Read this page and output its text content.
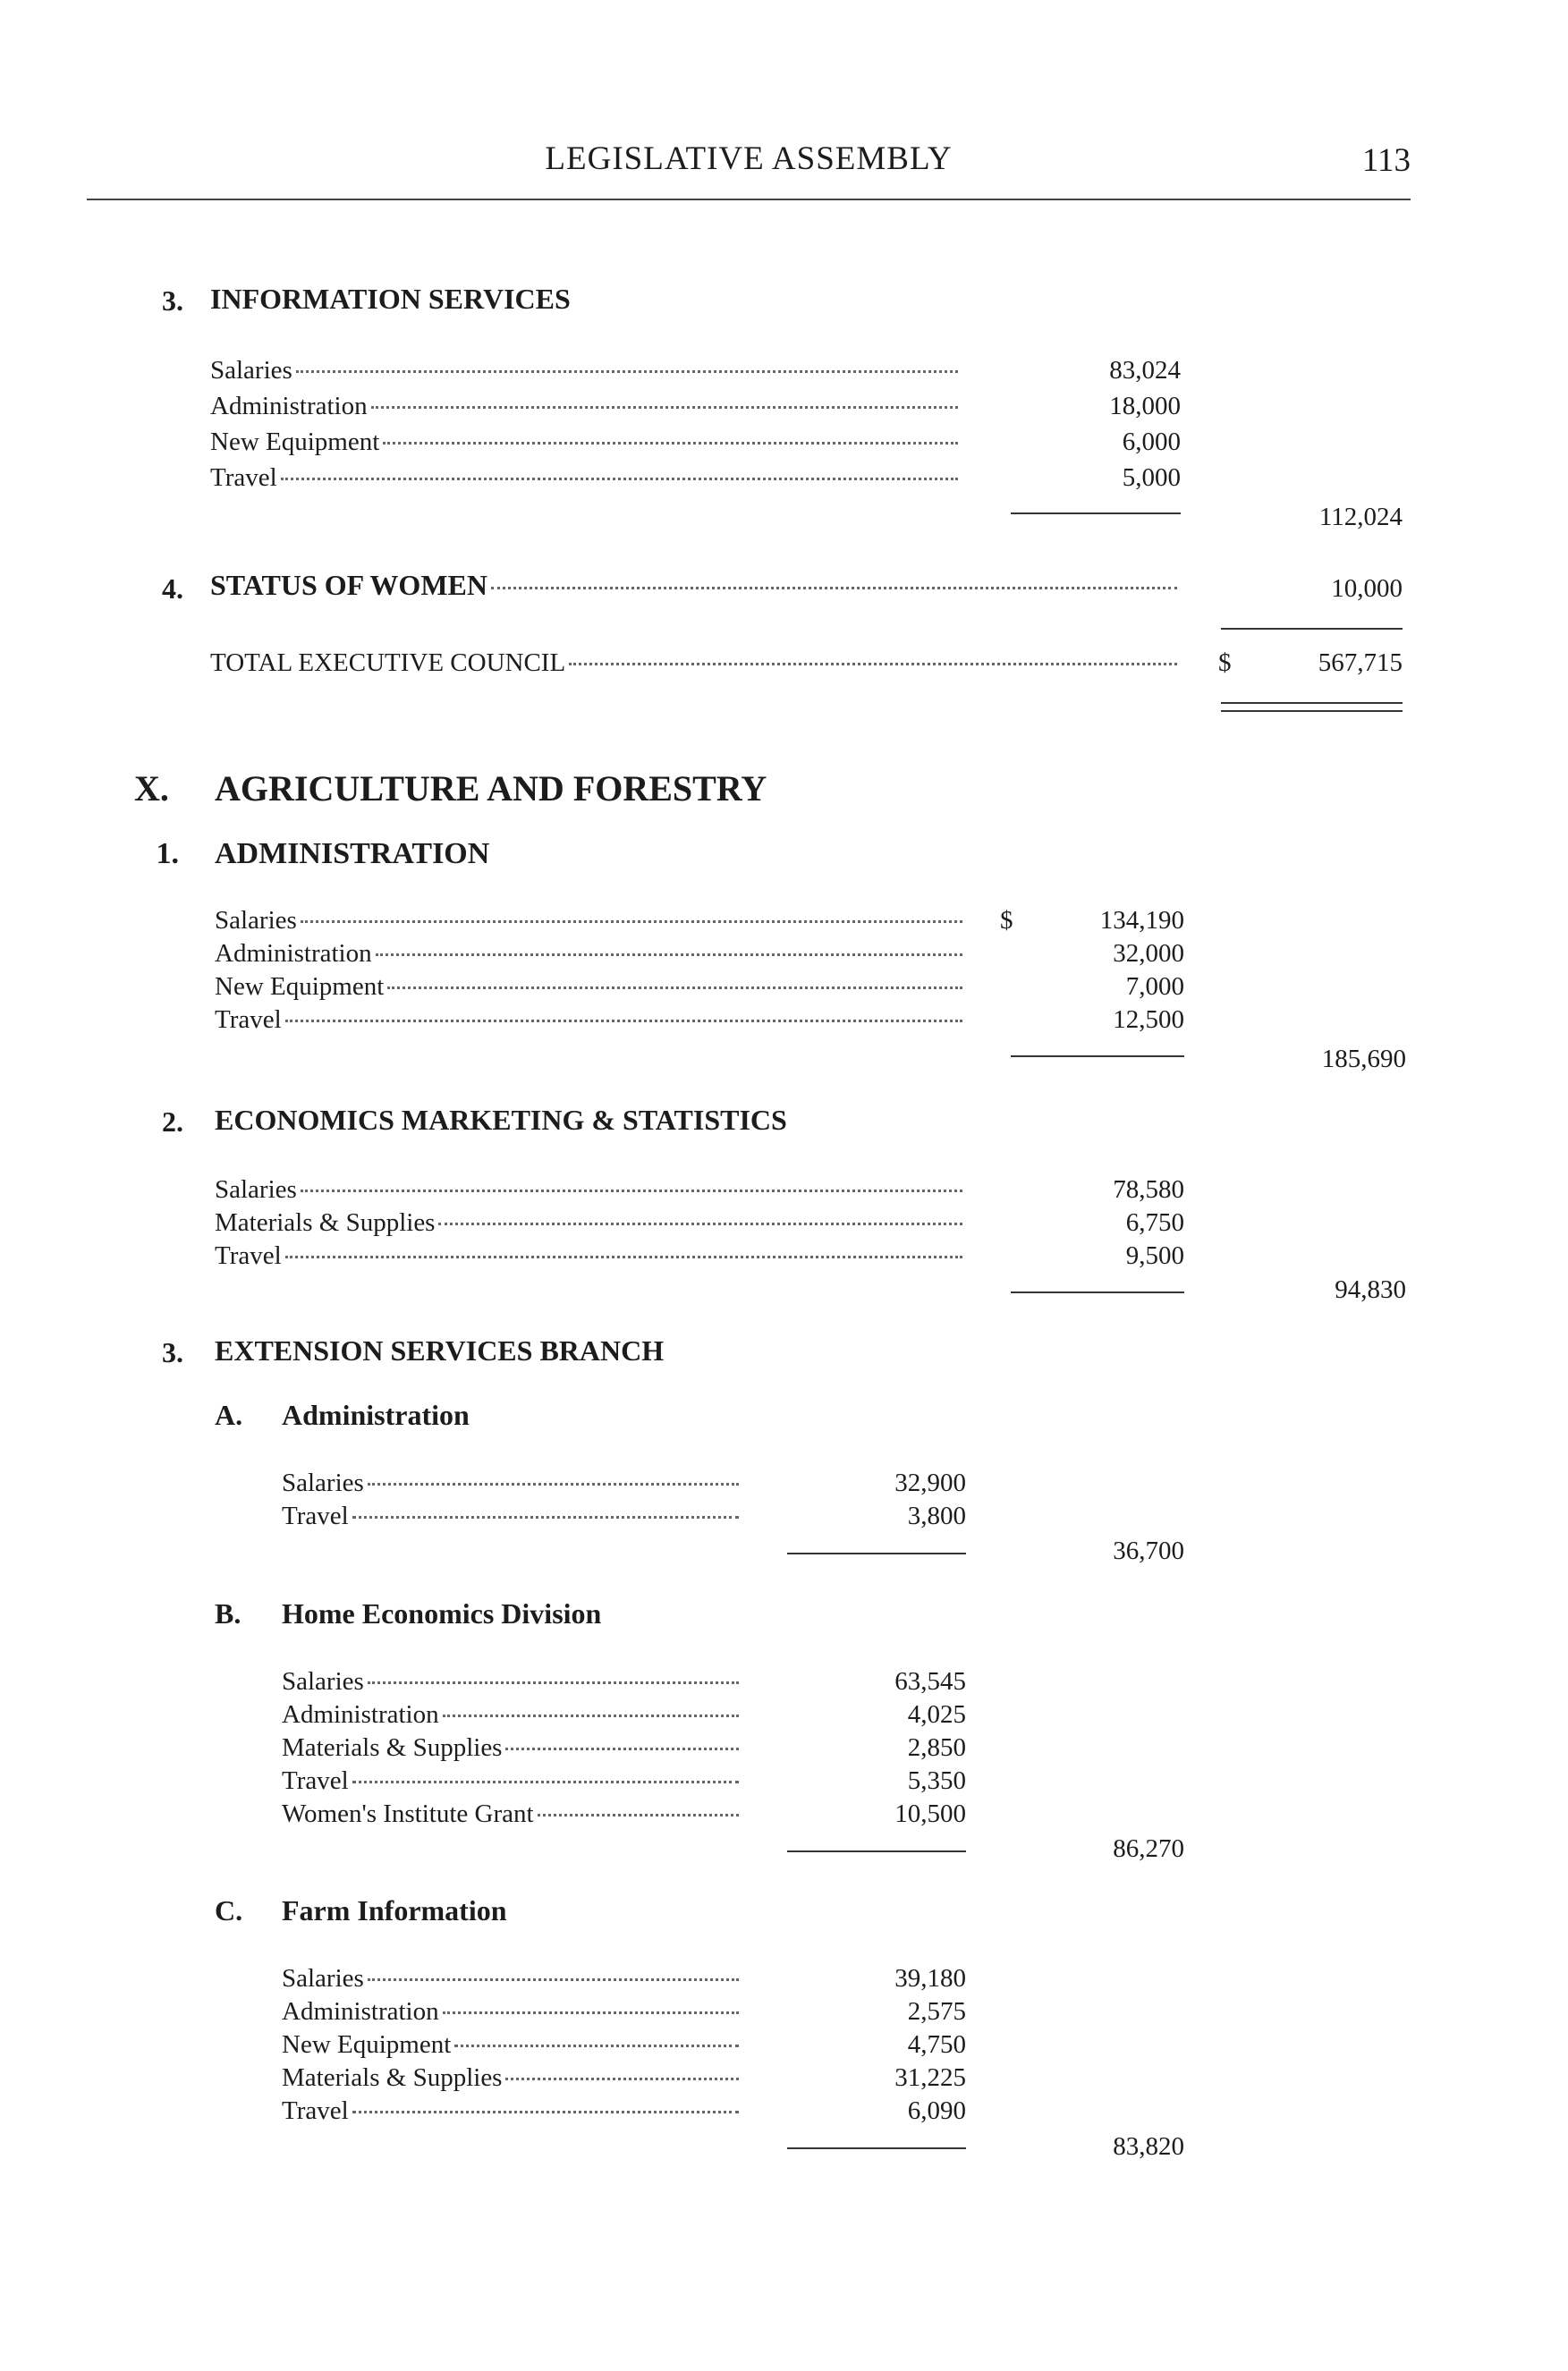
LEGISLATIVE ASSEMBLY	113
3. INFORMATION SERVICES
Salaries	83,024
Administration	18,000
New Equipment	6,000
Travel	5,000
112,024
4. STATUS OF WOMEN	10,000
TOTAL EXECUTIVE COUNCIL	$	567,715
X. AGRICULTURE AND FORESTRY
1. ADMINISTRATION
Salaries	$	134,190
Administration	32,000
New Equipment	7,000
Travel	12,500
185,690
2. ECONOMICS MARKETING & STATISTICS
Salaries	78,580
Materials & Supplies	6,750
Travel	9,500
94,830
3. EXTENSION SERVICES BRANCH
A. Administration
Salaries	32,900
Travel	3,800
36,700
B. Home Economics Division
Salaries	63,545
Administration	4,025
Materials & Supplies	2,850
Travel	5,350
Women's Institute Grant	10,500
86,270
C. Farm Information
Salaries	39,180
Administration	2,575
New Equipment	4,750
Materials & Supplies	31,225
Travel	6,090
83,820
